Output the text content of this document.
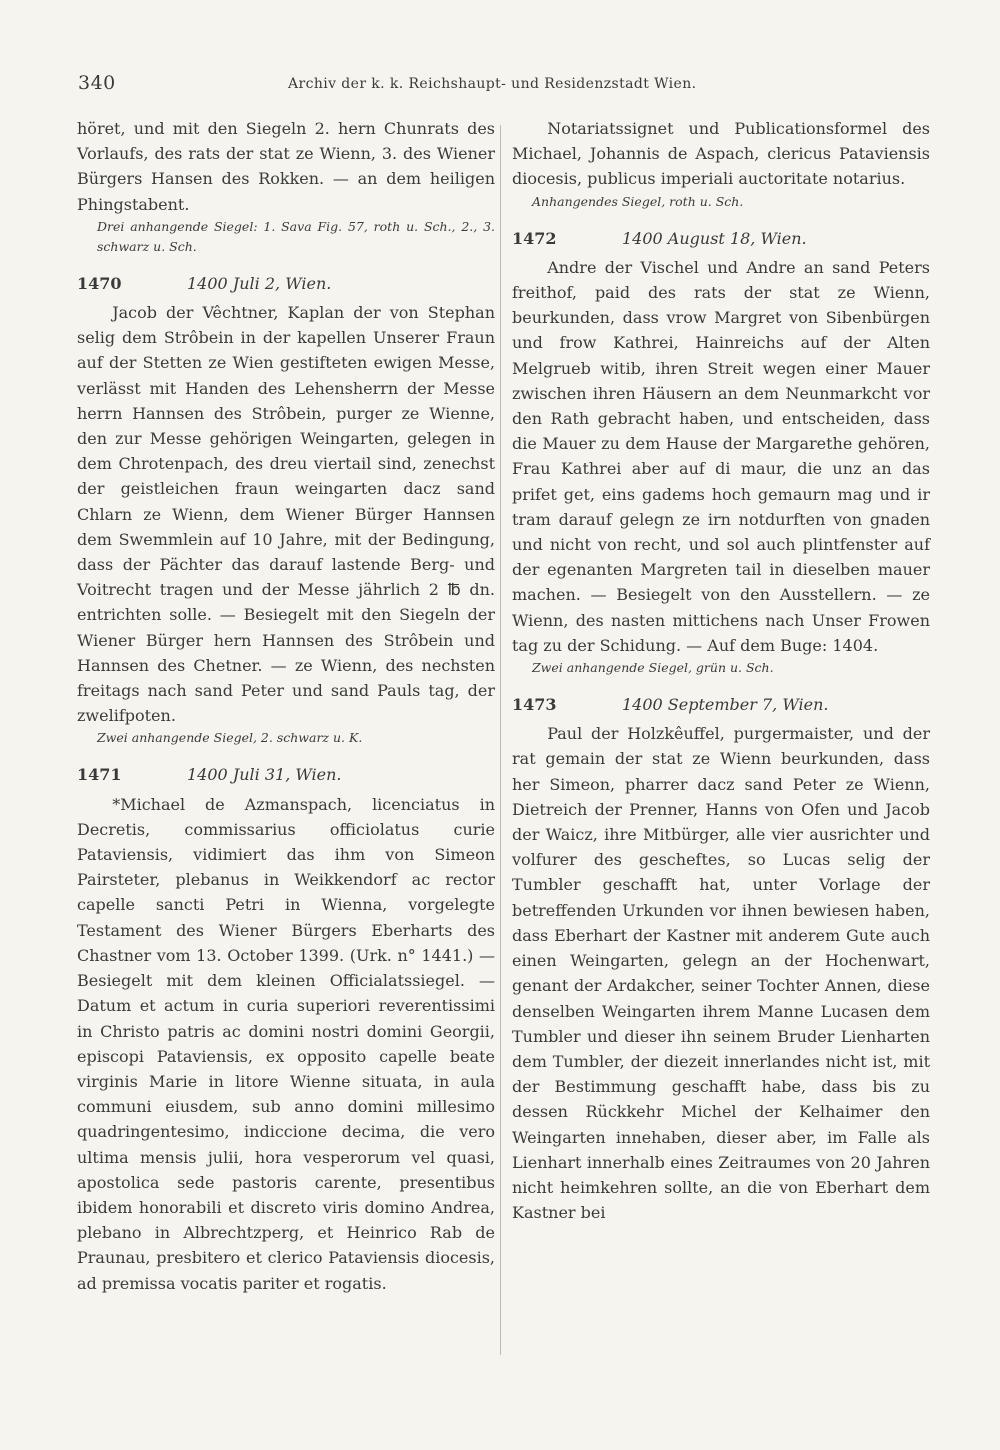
340	Archiv der k. k. Reichshaupt- und Residenzstadt Wien.

höret, und mit den Siegeln 2. hern Chunrats des Vorlaufs, des rats der stat ze Wienn, 3. des Wiener Bürgers Hansen des Rokken. — an dem heiligen Phingstabent.

Drei anhangende Siegel: 1. Sava Fig. 57, roth u. Sch., 2., 3. schwarz u. Sch.

1470	1400 Juli 2, Wien.

Jacob der Vêchtner, Kaplan der von Stephan selig dem Strôbein in der kapellen Unserer Fraun auf der Stetten ze Wien gestifteten ewigen Messe, verlässt mit Handen des Lehensherrn der Messe herrn Hannsen des Strôbein, purger ze Wienne, den zur Messe gehörigen Weingarten, gelegen in dem Chrotenpach, des dreu viertail sind, zenechst der geistleichen fraun weingarten dacz sand Chlarn ze Wienn, dem Wiener Bürger Hannsen dem Swemmlein auf 10 Jahre, mit der Bedingung, dass der Pächter das darauf lastende Berg- und Voitrecht tragen und der Messe jährlich 2 ℔ dn. entrichten solle. — Besiegelt mit den Siegeln der Wiener Bürger hern Hannsen des Strôbein und Hannsen des Chetner. — ze Wienn, des nechsten freitags nach sand Peter und sand Pauls tag, der zwelifpoten.

Zwei anhangende Siegel, 2. schwarz u. K.

1471	1400 Juli 31, Wien.

*Michael de Azmanspach, licenciatus in Decretis, commissarius officiolatus curie Pataviensis, vidimiert das ihm von Simeon Pairsteter, plebanus in Weikkendorf ac rector capelle sancti Petri in Wienna, vorgelegte Testament des Wiener Bürgers Eberharts des Chastner vom 13. October 1399. (Urk. n° 1441.) — Besiegelt mit dem kleinen Officialatssiegel. — Datum et actum in curia superiori reverentissimi in Christo patris ac domini nostri domini Georgii, episcopi Pataviensis, ex opposito capelle beate virginis Marie in litore Wienne situata, in aula communi eiusdem, sub anno domini millesimo quadringentesimo, indiccione decima, die vero ultima mensis julii, hora vesperorum vel quasi, apostolica sede pastoris carente, presentibus ibidem honorabili et discreto viris domino Andrea, plebano in Albrechtzperg, et Heinrico Rab de Praunau, presbitero et clerico Pataviensis diocesis, ad premissa vocatis pariter et rogatis.

Notariatssignet und Publicationsformel des Michael, Johannis de Aspach, clericus Pataviensis diocesis, publicus imperiali auctoritate notarius.

Anhangendes Siegel, roth u. Sch.

1472	1400 August 18, Wien.

Andre der Vischel und Andre an sand Peters freithof, paid des rats der stat ze Wienn, beurkunden, dass vrow Margret von Sibenbürgen und frow Kathrei, Hainreichs auf der Alten Melgrueb witib, ihren Streit wegen einer Mauer zwischen ihren Häusern an dem Neunmarkcht vor den Rath gebracht haben, und entscheiden, dass die Mauer zu dem Hause der Margarethe gehören, Frau Kathrei aber auf di maur, die unz an das prifet get, eins gadems hoch gemaurn mag und ir tram darauf gelegn ze irn notdurften von gnaden und nicht von recht, und sol auch plintfenster auf der egenanten Margreten tail in dieselben mauer machen. — Besiegelt von den Ausstellern. — ze Wienn, des nasten mittichens nach Unser Frowen tag zu der Schidung. — Auf dem Buge: 1404.

Zwei anhangende Siegel, grün u. Sch.

1473	1400 September 7, Wien.

Paul der Holzkêuffel, purgermaister, und der rat gemain der stat ze Wienn beurkunden, dass her Simeon, pharrer dacz sand Peter ze Wienn, Dietreich der Prenner, Hanns von Ofen und Jacob der Waicz, ihre Mitbürger, alle vier ausrichter und volfurer des gescheftes, so Lucas selig der Tumbler geschafft hat, unter Vorlage der betreffenden Urkunden vor ihnen bewiesen haben, dass Eberhart der Kastner mit anderem Gute auch einen Weingarten, gelegn an der Hochenwart, genant der Ardakcher, seiner Tochter Annen, diese denselben Weingarten ihrem Manne Lucasen dem Tumbler und dieser ihn seinem Bruder Lienharten dem Tumbler, der diezeit innerlandes nicht ist, mit der Bestimmung geschafft habe, dass bis zu dessen Rückkehr Michel der Kelhaimer den Weingarten innehaben, dieser aber, im Falle als Lienhart innerhalb eines Zeitraumes von 20 Jahren nicht heimkehren sollte, an die von Eberhart dem Kastner bei
